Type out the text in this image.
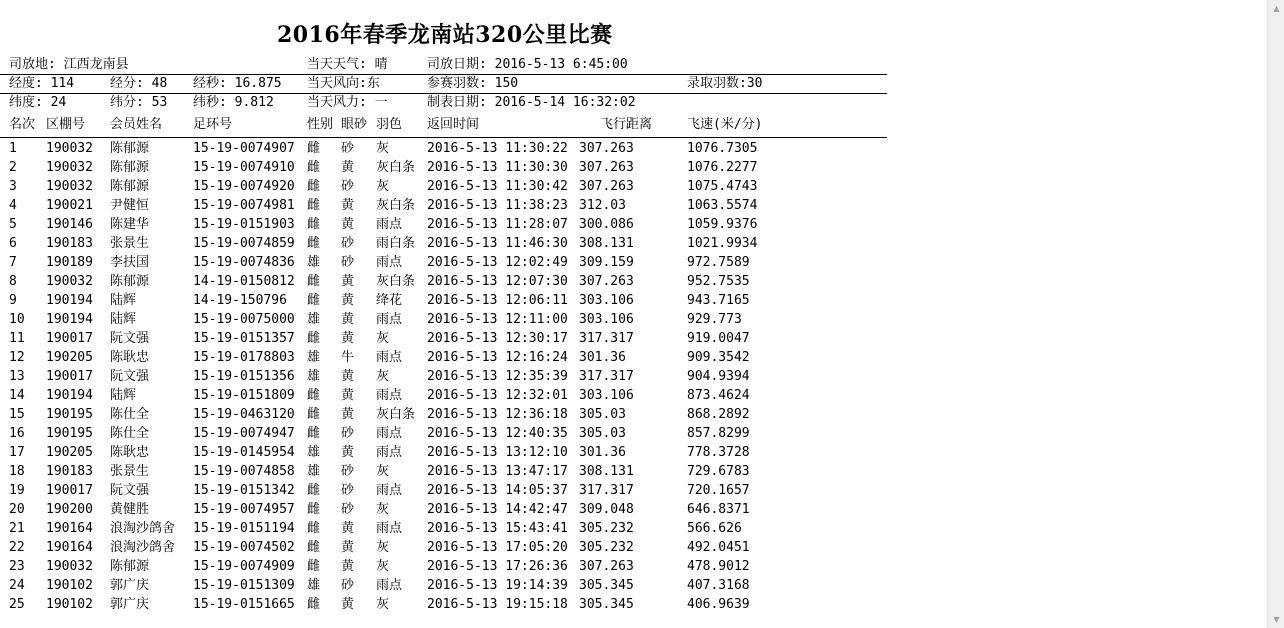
2016年春季龙南站320公里比赛
司放地: 江西龙南县	当天天气: 晴	司放日期: 2016-5-13 6:45:00
经度: 114	经分: 48 经秒: 16.875 当天风向:东	参赛羽数: 150	录取羽数:30
纬度: 24	纬分: 53 纬秒: 9.812	当天风力: 一	制表日期: 2016-5-14 16:32:02
名次 区棚号 会员姓名 足环号	性别 眼砂 羽色 返回时间	飞行距离	飞速(米/分)
1 190032 陈郁源	15-19-0074907 雌 砂 灰	2016-5-13 11:30:22 307.263	1076.7305
2 190032 陈郁源	15-19-0074910 雌 黄 灰白条 2016-5-13 11:30:30 307.263	1076.2277
3 190032 陈郁源	15-19-0074920 雌 砂 灰	2016-5-13 11:30:42 307.263	1075.4743
4 190021 尹健恒	15-19-0074981 雌 黄 灰白条 2016-5-13 11:38:23 312.03	1063.5574
5 190146 陈建华	15-19-0151903 雌 黄 雨点 2016-5-13 11:28:07 300.086	1059.9376
6 190183 张景生	15-19-0074859 雌 砂 雨白条 2016-5-13 11:46:30 308.131	1021.9934
7 190189 李扶国	15-19-0074836 雄 砂 雨点 2016-5-13 12:02:49 309.159	972.7589
8 190032 陈郁源	14-19-0150812 雌 黄 灰白条 2016-5-13 12:07:30 307.263	952.7535
9 190194 陆辉	14-19-150796 雌 黄 绛花 2016-5-13 12:06:11 303.106	943.7165
10 190194 陆辉	15-19-0075000 雄 黄 雨点 2016-5-13 12:11:00 303.106	929.773
11 190017 阮文强	15-19-0151357 雌 黄 灰	2016-5-13 12:30:17 317.317	919.0047
12 190205 陈耿忠	15-19-0178803 雄 牛 雨点 2016-5-13 12:16:24 301.36	909.3542
13 190017 阮文强	15-19-0151356 雄 黄 灰	2016-5-13 12:35:39 317.317	904.9394
14 190194 陆辉	15-19-0151809 雌 黄 雨点 2016-5-13 12:32:01 303.106	873.4624
15 190195 陈仕全	15-19-0463120 雌 黄 灰白条 2016-5-13 12:36:18 305.03	868.2892
16 190195 陈仕全	15-19-0074947 雌 砂 雨点 2016-5-13 12:40:35 305.03	857.8299
17 190205 陈耿忠	15-19-0145954 雄 黄 雨点 2016-5-13 13:12:10 301.36	778.3728
18 190183 张景生	15-19-0074858 雄 砂 灰	2016-5-13 13:47:17 308.131	729.6783
19 190017 阮文强	15-19-0151342 雌 砂 雨点 2016-5-13 14:05:37 317.317	720.1657
20 190200 黄健胜	15-19-0074957 雌 砂 灰	2016-5-13 14:42:47 309.048	646.8371
21 190164 浪淘沙鸽舍 15-19-0151194 雌 黄 雨点 2016-5-13 15:43:41 305.232	566.626
22 190164 浪淘沙鸽舍 15-19-0074502 雌 黄 灰	2016-5-13 17:05:20 305.232	492.0451
23 190032 陈郁源	15-19-0074909 雌 黄 灰	2016-5-13 17:26:36 307.263	478.9012
24 190102 郭广庆	15-19-0151309 雄 砂 雨点 2016-5-13 19:14:39 305.345	407.3168
25 190102 郭广庆	15-19-0151665 雌 黄 灰	2016-5-13 19:15:18 305.345	406.9639
▲
▼
